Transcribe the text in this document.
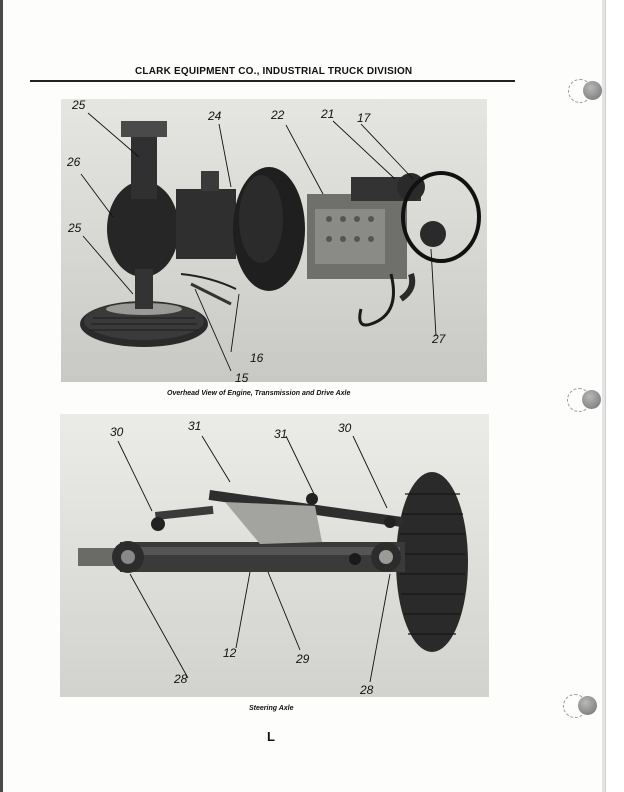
CLARK EQUIPMENT CO., INDUSTRIAL TRUCK DIVISION
25
24	22	21 17
26
25
27
16
15
Overhead View of Engine, Transmission and Drive Axle
30	31
31	30
12	29
28
28
Steering Axle
L
